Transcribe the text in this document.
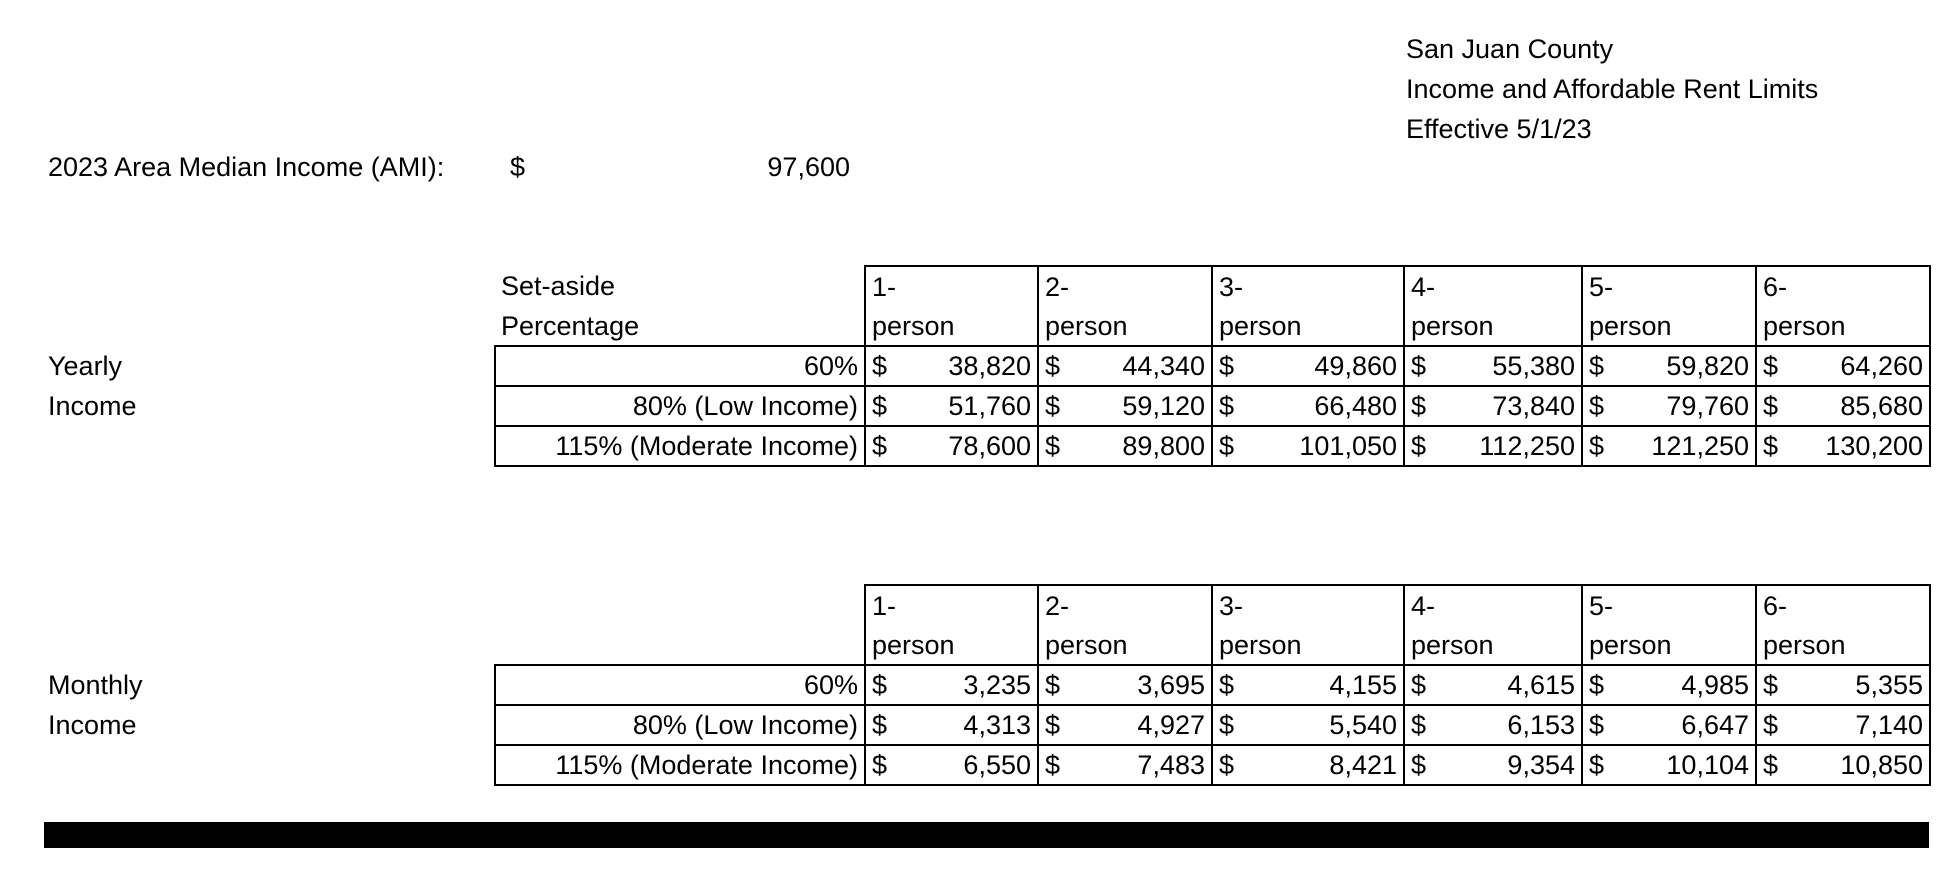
San Juan County
Income and Affordable Rent Limits
Effective 5/1/23
2023 Area Median Income (AMI): $	97,600
Yearly
Income
Set-aside	1-	2-	3-	4-	5-	6-
Percentage	person	person	person	person	person	person
60%	$ 38,820	$ 44,340	$ 49,860	$ 55,380	$ 59,820	$ 64,260

80% (Low Income)	$ 51,760	$ 59,120	$ 66,480	$ 73,840	$ 79,760	$ 85,680

115% (Moderate Income)	$ 78,600	$ 89,800	$ 101,050	$ 112,250	$ 121,250	$ 130,200
Monthly
Income
	1-	2-	3-	4-	5-	6-
	person	person	person	person	person	person
60%	$ 3,235	$ 3,695	$ 4,155	$ 4,615	$ 4,985	$ 5,355

80% (Low Income)	$ 4,313	$ 4,927	$ 5,540	$ 6,153	$ 6,647	$ 7,140

115% (Moderate Income)	$ 6,550	$ 7,483	$ 8,421	$ 9,354	$ 10,104	$ 10,850
